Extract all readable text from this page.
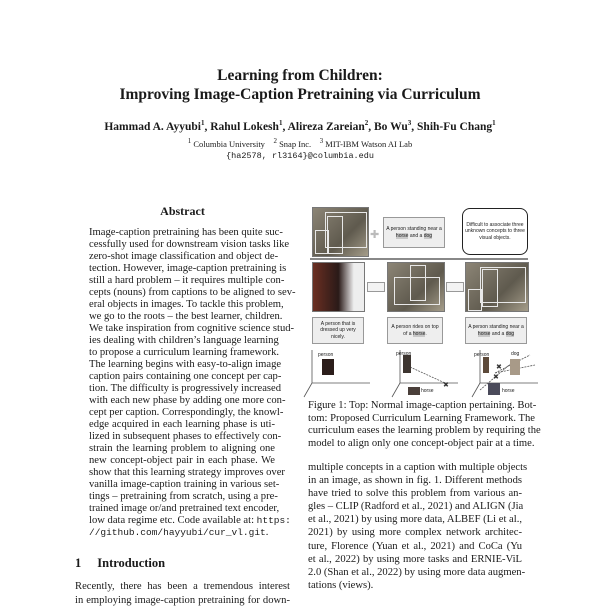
Learning from Children:
Improving Image-Caption Pretraining via Curriculum
Hammad A. Ayyubi$^1$, Rahul Lokesh$^1$, Alireza Zareian$^2$, Bo Wu$^3$, Shih-Fu Chang$^1$
$^1$ Columbia University $^2$ Snap Inc. $^3$ MIT-IBM Watson AI Lab
{ha2578, rl3164}@columbia.edu
Abstract
Image-caption pretraining has been quite suc-
cessfully used for downstream vision tasks like
zero-shot image classification and object de-
tection. However, image-caption pretraining is
still a hard problem – it requires multiple con-
cepts (nouns) from captions to be aligned to sev-
eral objects in images. To tackle this problem,
we go to the roots – the best learner, children.
We take inspiration from cognitive science stud-
ies dealing with children’s language learning
to propose a curriculum learning framework.
The learning begins with easy-to-align image
caption pairs containing one concept per cap-
tion. The difficulty is progressively increased
with each new phase by adding one more con-
cept per caption. Correspondingly, the knowl-
edge acquired in each learning phase is uti-
lized in subsequent phases to effectively con-
strain the learning problem to aligning one
new concept-object pair in each phase. We
show that this learning strategy improves over
vanilla image-caption training in various set-
tings – pretraining from scratch, using a pre-
trained image or/and pretrained text encoder,
low data regime etc. Code available at: https:
//github.com/hayyubi/cur_vl.git.
1 Introduction
Recently, there has been a tremendous interest
in employing image-caption pretraining for down-
✚ A person standing near a horse and a dog
Difficult to associate three unknown concepts to three visual objects.
A person that is dressed up very nicely.
A person rides on top of a horse.
A person standing near a horse and a dog
✖
✖
✖
person	person
horse
person	dog
horse
Figure 1: Top: Normal image-caption pertaining. Bot-
tom: Proposed Curriculum Learning Framework. The
curriculum eases the learning problem by requiring the
model to align only one concept-object pair at a time.
multiple concepts in a caption with multiple objects
in an image, as shown in fig. 1. Different methods
have tried to solve this problem from various an-
gles – CLIP (Radford et al., 2021) and ALIGN (Jia
et al., 2021) by using more data, ALBEF (Li et al.,
2021) by using more complex network architec-
ture, Florence (Yuan et al., 2021) and CoCa (Yu
et al., 2022) by using more tasks and ERNIE-ViL
2.0 (Shan et al., 2022) by using more data augmen-
tations (views).
